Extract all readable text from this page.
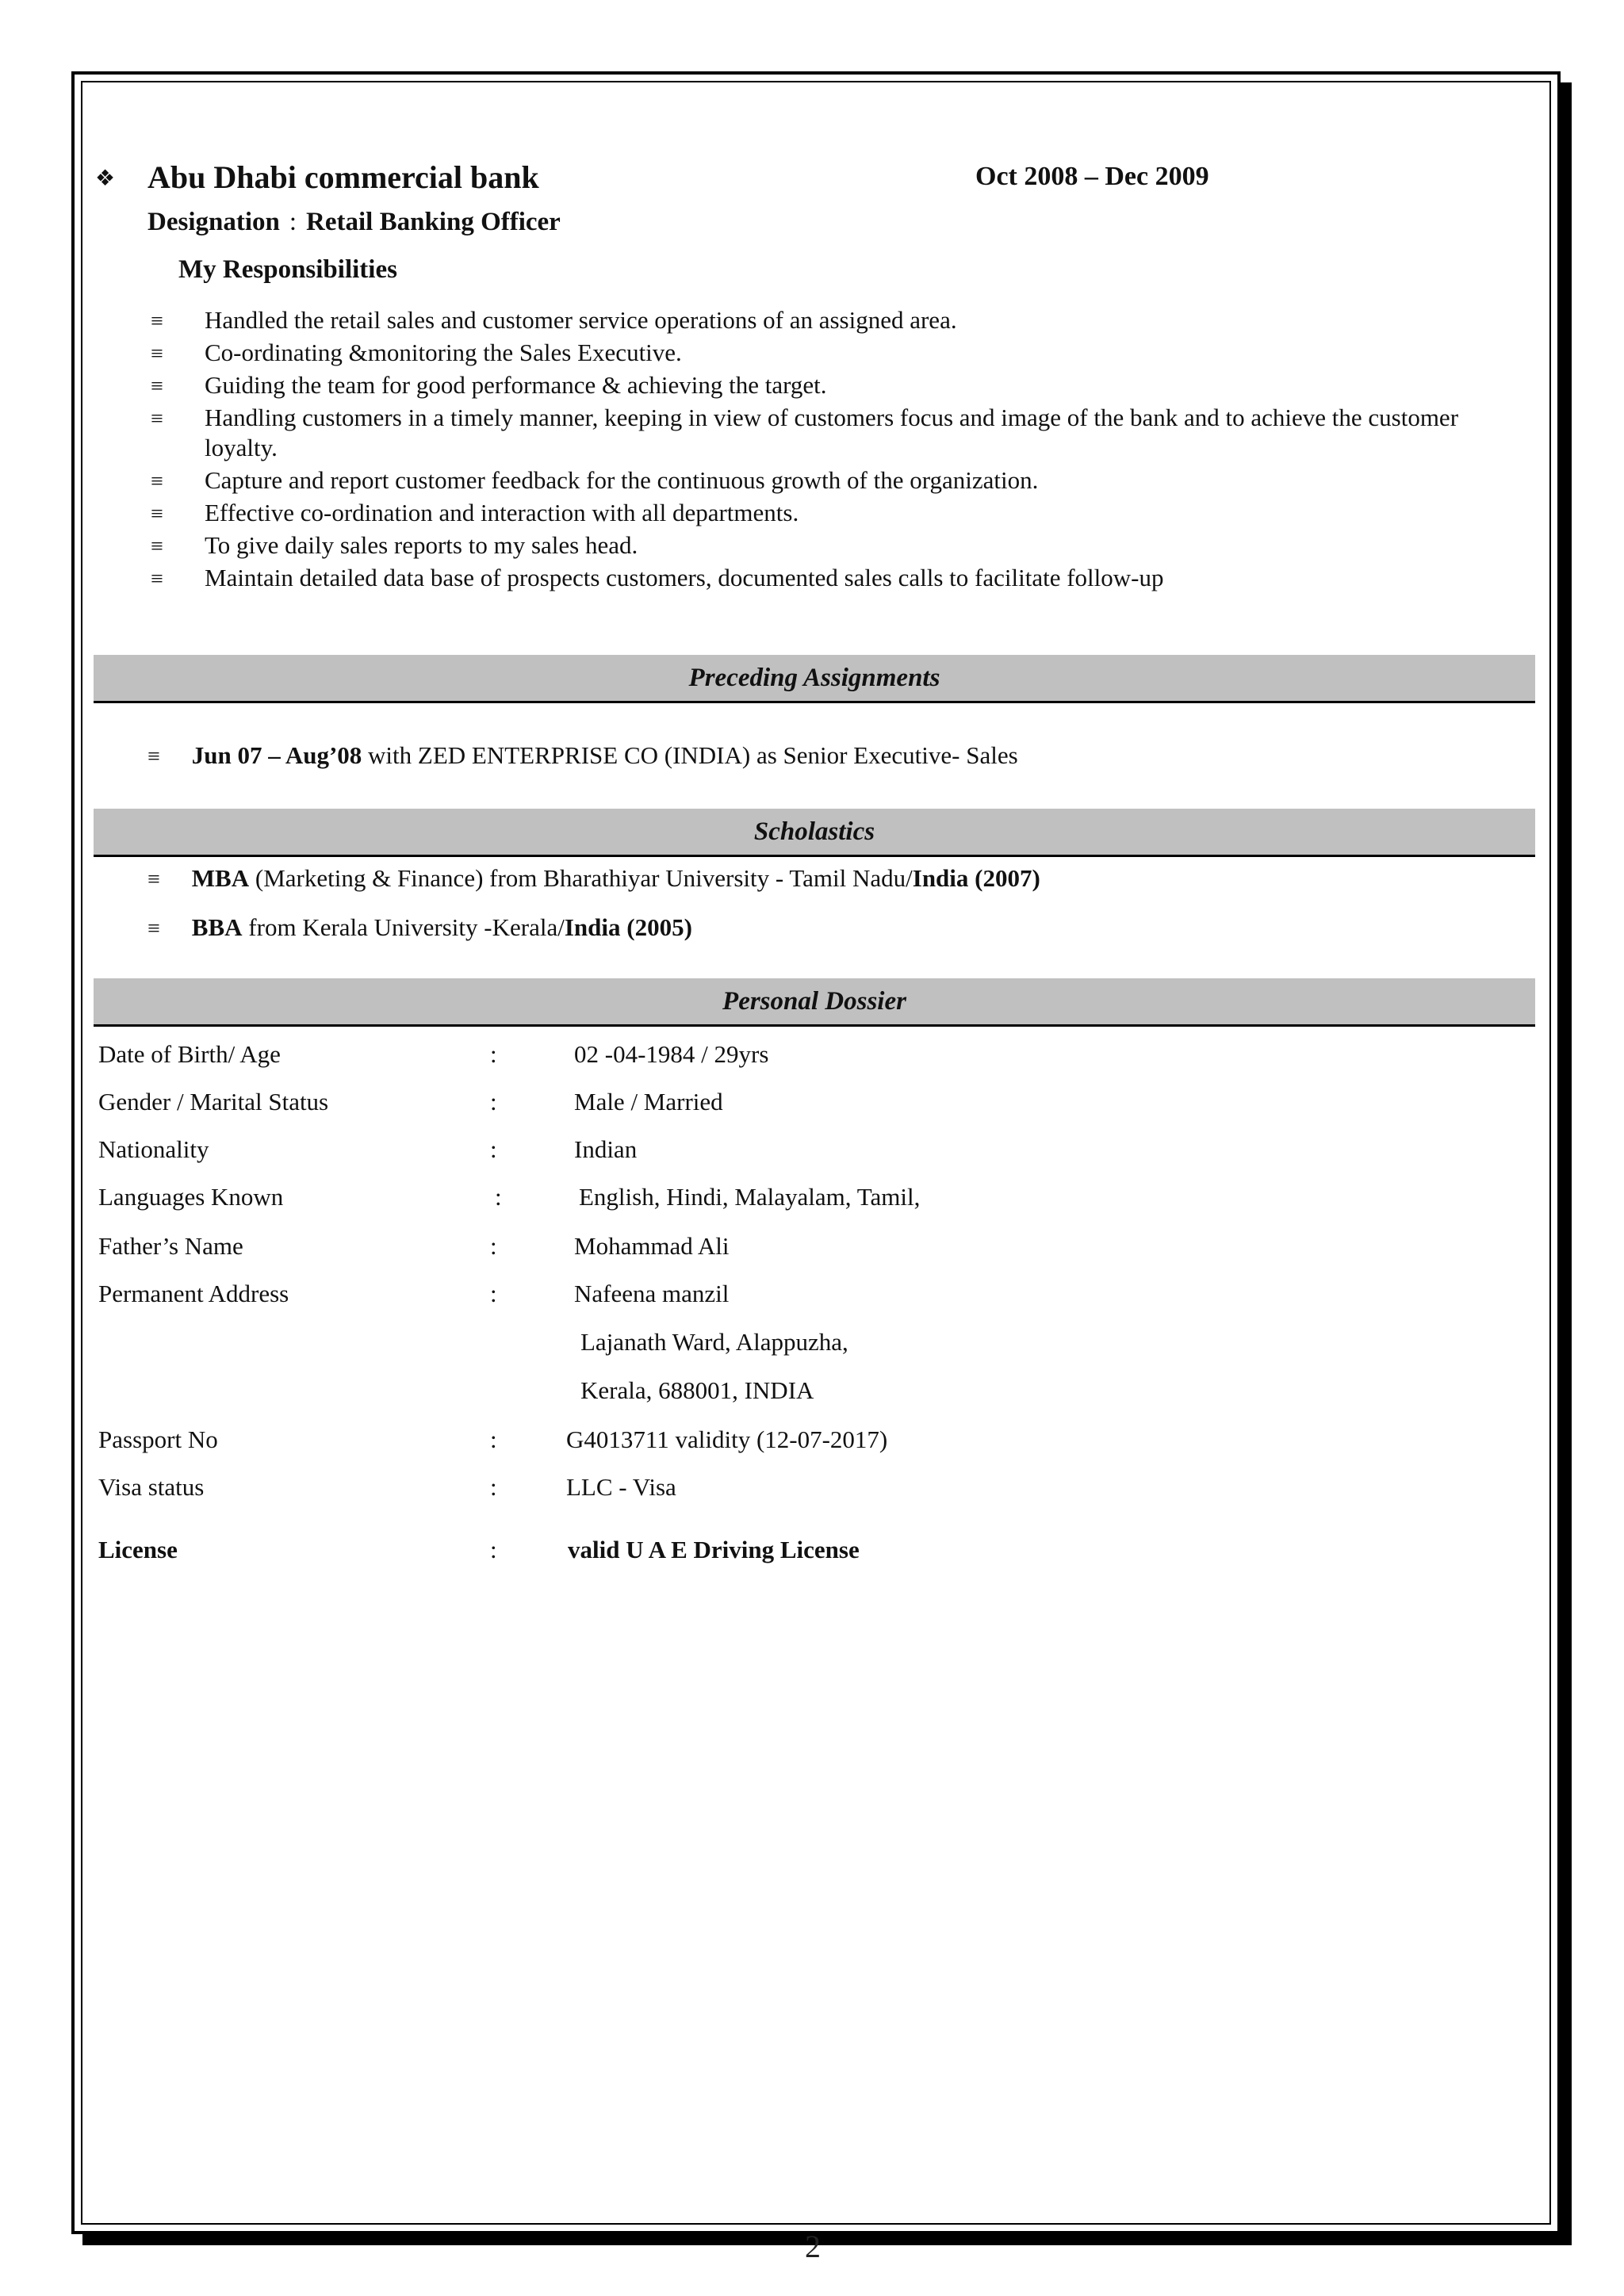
❖ Abu Dhabi commercial bank	Oct 2008 – Dec 2009
Designation : Retail Banking Officer
My Responsibilities
≡ Handled the retail sales and customer service operations of an assigned area.
≡ Co-ordinating &monitoring the Sales Executive.
≡ Guiding the team for good performance & achieving the target.
≡ Handling customers in a timely manner, keeping in view of customers focus and image of the bank and to achieve the customer loyalty.
≡ Capture and report customer feedback for the continuous growth of the organization.
≡ Effective co-ordination and interaction with all departments.
≡ To give daily sales reports to my sales head.
≡ Maintain detailed data base of prospects customers, documented sales calls to facilitate follow-up
Preceding Assignments
≡ Jun 07 – Aug’08 with ZED ENTERPRISE CO (INDIA) as Senior Executive- Sales
Scholastics
≡ MBA (Marketing & Finance) from Bharathiyar University - Tamil Nadu/India (2007)
≡ BBA from Kerala University -Kerala/India (2005)
Personal Dossier
Date of Birth/ Age	:	02 -04-1984 / 29yrs
Gender / Marital Status	:	Male / Married
Nationality	:	Indian
Languages Known	:	English, Hindi, Malayalam, Tamil,
Father’s Name	:	Mohammad Ali
Permanent Address	:	Nafeena manzil
Lajanath Ward, Alappuzha,
Kerala, 688001, INDIA
Passport No	:	G4013711 validity (12-07-2017)
Visa status	:	LLC - Visa
License	:	valid U A E Driving License
2
